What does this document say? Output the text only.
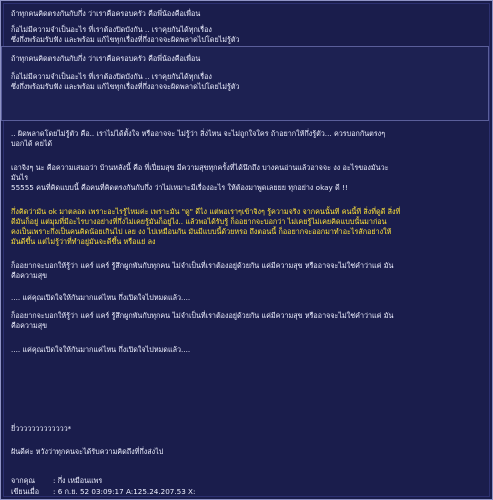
ถ้าทุกคนคิดตรงกันกับกึ่ง ว่าเราคือครอบครัว คือพี่น้องคือเพื่อน
ก็อไม่มีความจำเป็นอะไร ที่เราต้องปิดบังกัน .. เราคุยกันได้ทุกเรื่อง
ซึ่งกึ่งพร้อมรับฟัง และพร้อม แก้ไขทุกเรื่องที่กึ่งอาจจะผิดพลาดไปโดยไม่รู้ตัว
ถ้าทุกคนคิดตรงกันกับกึ่ง ว่าเราคือครอบครัว คือพี่น้องคือเพื่อน
ก็อไม่มีความจำเป็นอะไร ที่เราต้องปิดบังกัน .. เราคุยกันได้ทุกเรื่อง
ซึ่งกึ่งพร้อมรับฟัง และพร้อม แก้ไขทุกเรื่องที่กึ่งอาจจะผิดพลาดไปโดยไม่รู้ตัว
.. ผิดพลาดโดยไม่รู้ตัว คือ.. เราไม่ได้ตั้งใจ หรืออาจจะ ไม่รู้ว่า สิ่งไหน จะไม่ถูกใจใคร ถ้าอยากให้กึ่งรู้ตัว... ควรบอกกันตรงๆ
บอกได้ คยได้
เอาจิงๆ นะ คือความเสมอว่า บ้านหลังนี้ คือ ที่เปี่ยมสุข มีความสุขทุกครั้งที่ได้นึกถึง บางคนอ่านแล้วอาจจะ งง อะไรของมันวะ
มันไร
55555 คนที่คิดแบบนี้ คือคนที่คิดตรงกันกับกึ่ง ว่าไม่เหมาะมีเรื่องอะไร ให้ต้องมาพูดเลยยย ทุกอย่าง okay ดี !!
กึ่งคิดว่ามัน ok มาตลอด เพราะอะไรรู้ไหมค่ะ เพราะมัน "ดู" ดีไง แต่พอเราๆเข้าจิงๆ รู้ความจริง จากคนนั้นที คนนี้ที สิ่งที่ดูดี สิ่งที่
ดีมันก็อยู่ แต่มุมที่มีอะไรบางอย่างที่กึ่งไม่เคยรู้มันก็อยู่ไง.. แล้วพอได้รับรู้ ก็ออยากจะบอกว่า ไม่เคยรู้ไม่เคยคิดแบบนั้นมาก่อน
คงเป็นเพราะกึ่งเป็นคนคิดน้อยเกินไป เลย งง ไปเหมือนกัน มันมีแบบนี้ด้วยหรอ ถึงตอนนี้ ก็ออยากจะออกมาทำอะไรสักอย่างให้
มันดีขึ้น แต่ไม่รู้ว่าที่ทำอยู่มันจะดีขึ้น หรือแย่ ลง
ก็ออยากจะบอกให้รู้ว่า แคร์ แคร์ รู้สึกผูกพันกับทุกคน ไม่จำเป็นที่เราต้องอยู่ด้วยกัน แค่มีความสุข หรืออาจจะไม่ใช่คำว่าแค่ มัน
คือความสุข
.... แค่คุณเปิดใจให้กันมากแค่ไหน กึ่งเปิดใจไปหมดแล้ว....
ก็ออยากจะบอกให้รู้ว่า แคร์ แคร์ รู้สึกผูกพันกับทุกคน ไม่จำเป็นที่เราต้องอยู่ด้วยกัน แค่มีความสุข หรืออาจจะไม่ใช่คำว่าแค่ มัน
คือความสุข
.... แค่คุณเปิดใจให้กันมากแค่ไหน กึ่งเปิดใจไปหมดแล้ว....
ยี่ววววววววววววว*
ฝันดีค่ะ หวังว่าทุกคนจะได้รับความคิดถึงที่กึ่งส่งไป
จากคุณ : กึ่ง เหมือนแพร
เขียนเมื่อ : 6 ก.ย. 52 03:09:17 A:125.24.207.53 X:
